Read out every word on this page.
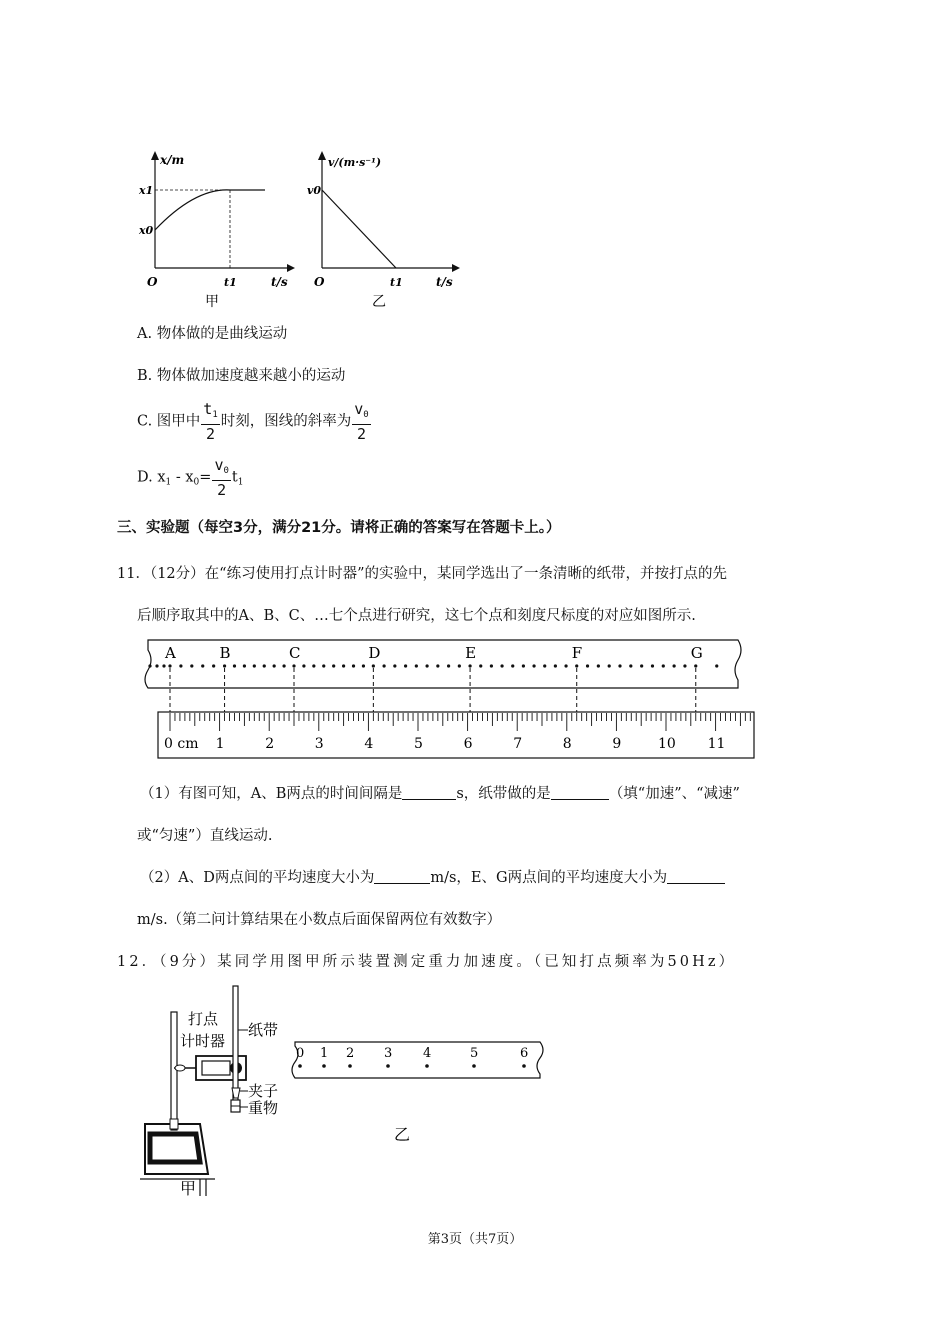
x/m
t/s
O
x1
x0
t1
甲
v/(m·s⁻¹)
t/s
O
v0
t1
乙
A. 物体做的是曲线运动
B. 物体做加速度越来越小的运动
C. 图甲中 $\frac{t_1}{2}$ 时刻，图线的斜率为 $\frac{v_0}{2}$
D. $x_1 - x_0= \frac{v_0}{2} t_1$
三、实验题（每空3分，满分21分。请将正确的答案写在答题卡上。）
11．（12分）在“练习使用打点计时器”的实验中，某同学选出了一条清晰的纸带，并按打点的先
后顺序取其中的A、B、C、…七个点进行研究，这七个点和刻度尺标度的对应如图所示.
A	B	C	D	E	F	G
0 cm 1	2	3	4	5	6	7	8	9	10 11
（1）有图可知，A、B两点的时间间隔是	s，纸带做的是	（填“加速”、“减速”
或“匀速”）直线运动.
（2）A、D两点间的平均速度大小为	m/s，E、G两点间的平均速度大小为
m/s.（第二问计算结果在小数点后面保留两位有效数字）
12．（9分）某同学用图甲所示装置测定重力加速度。（已知打点频率为50Hz）
打点
计时器
纸带
夹子
重物
甲
0 1 2 3 4	5	6
乙
第3页（共7页）
